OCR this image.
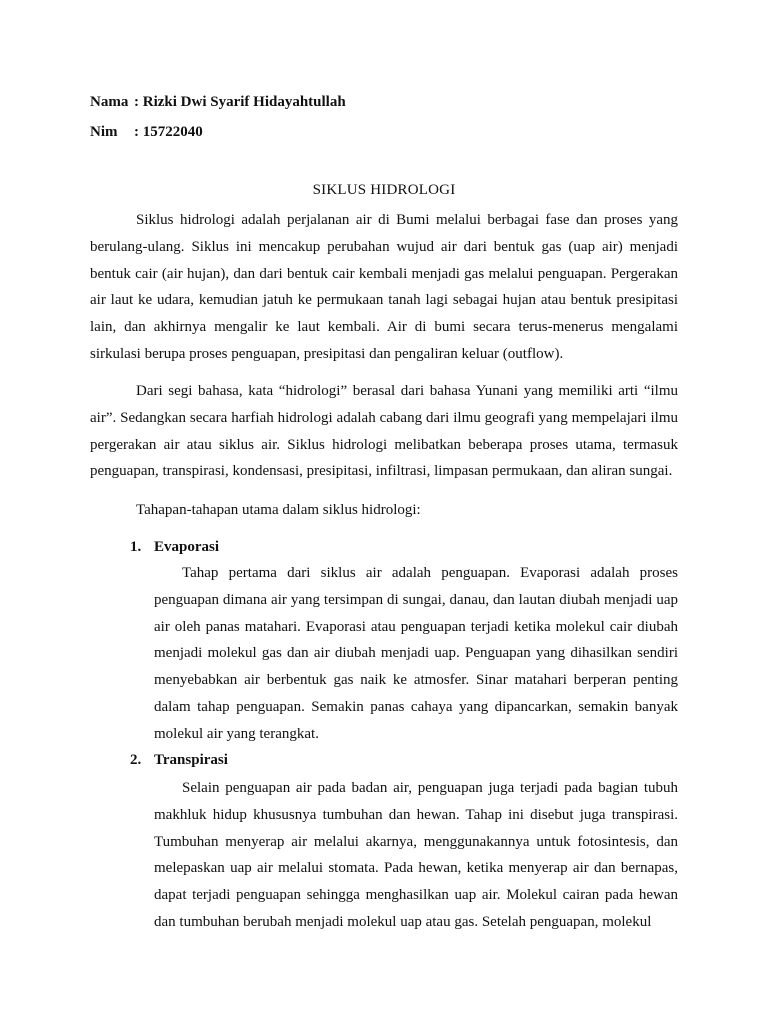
Nama : Rizki Dwi Syarif Hidayahtullah
Nim : 15722040
SIKLUS HIDROLOGI

Siklus hidrologi adalah perjalanan air di Bumi melalui berbagai fase dan proses yang berulang-ulang. Siklus ini mencakup perubahan wujud air dari bentuk gas (uap air) menjadi bentuk cair (air hujan), dan dari bentuk cair kembali menjadi gas melalui penguapan. Pergerakan air laut ke udara, kemudian jatuh ke permukaan tanah lagi sebagai hujan atau bentuk presipitasi lain, dan akhirnya mengalir ke laut kembali. Air di bumi secara terus-menerus mengalami sirkulasi berupa proses penguapan, presipitasi dan pengaliran keluar (outflow).

Dari segi bahasa, kata “hidrologi” berasal dari bahasa Yunani yang memiliki arti “ilmu air”. Sedangkan secara harfiah hidrologi adalah cabang dari ilmu geografi yang mempelajari ilmu pergerakan air atau siklus air. Siklus hidrologi melibatkan beberapa proses utama, termasuk penguapan, transpirasi, kondensasi, presipitasi, infiltrasi, limpasan permukaan, dan aliran sungai.

Tahapan-tahapan utama dalam siklus hidrologi:

1. Evaporasi

Tahap pertama dari siklus air adalah penguapan. Evaporasi adalah proses penguapan dimana air yang tersimpan di sungai, danau, dan lautan diubah menjadi uap air oleh panas matahari. Evaporasi atau penguapan terjadi ketika molekul cair diubah menjadi molekul gas dan air diubah menjadi uap. Penguapan yang dihasilkan sendiri menyebabkan air berbentuk gas naik ke atmosfer. Sinar matahari berperan penting dalam tahap penguapan. Semakin panas cahaya yang dipancarkan, semakin banyak molekul air yang terangkat.

2. Transpirasi

Selain penguapan air pada badan air, penguapan juga terjadi pada bagian tubuh makhluk hidup khususnya tumbuhan dan hewan. Tahap ini disebut juga transpirasi. Tumbuhan menyerap air melalui akarnya, menggunakannya untuk fotosintesis, dan melepaskan uap air melalui stomata. Pada hewan, ketika menyerap air dan bernapas, dapat terjadi penguapan sehingga menghasilkan uap air. Molekul cairan pada hewan dan tumbuhan berubah menjadi molekul uap atau gas. Setelah penguapan, molekul
